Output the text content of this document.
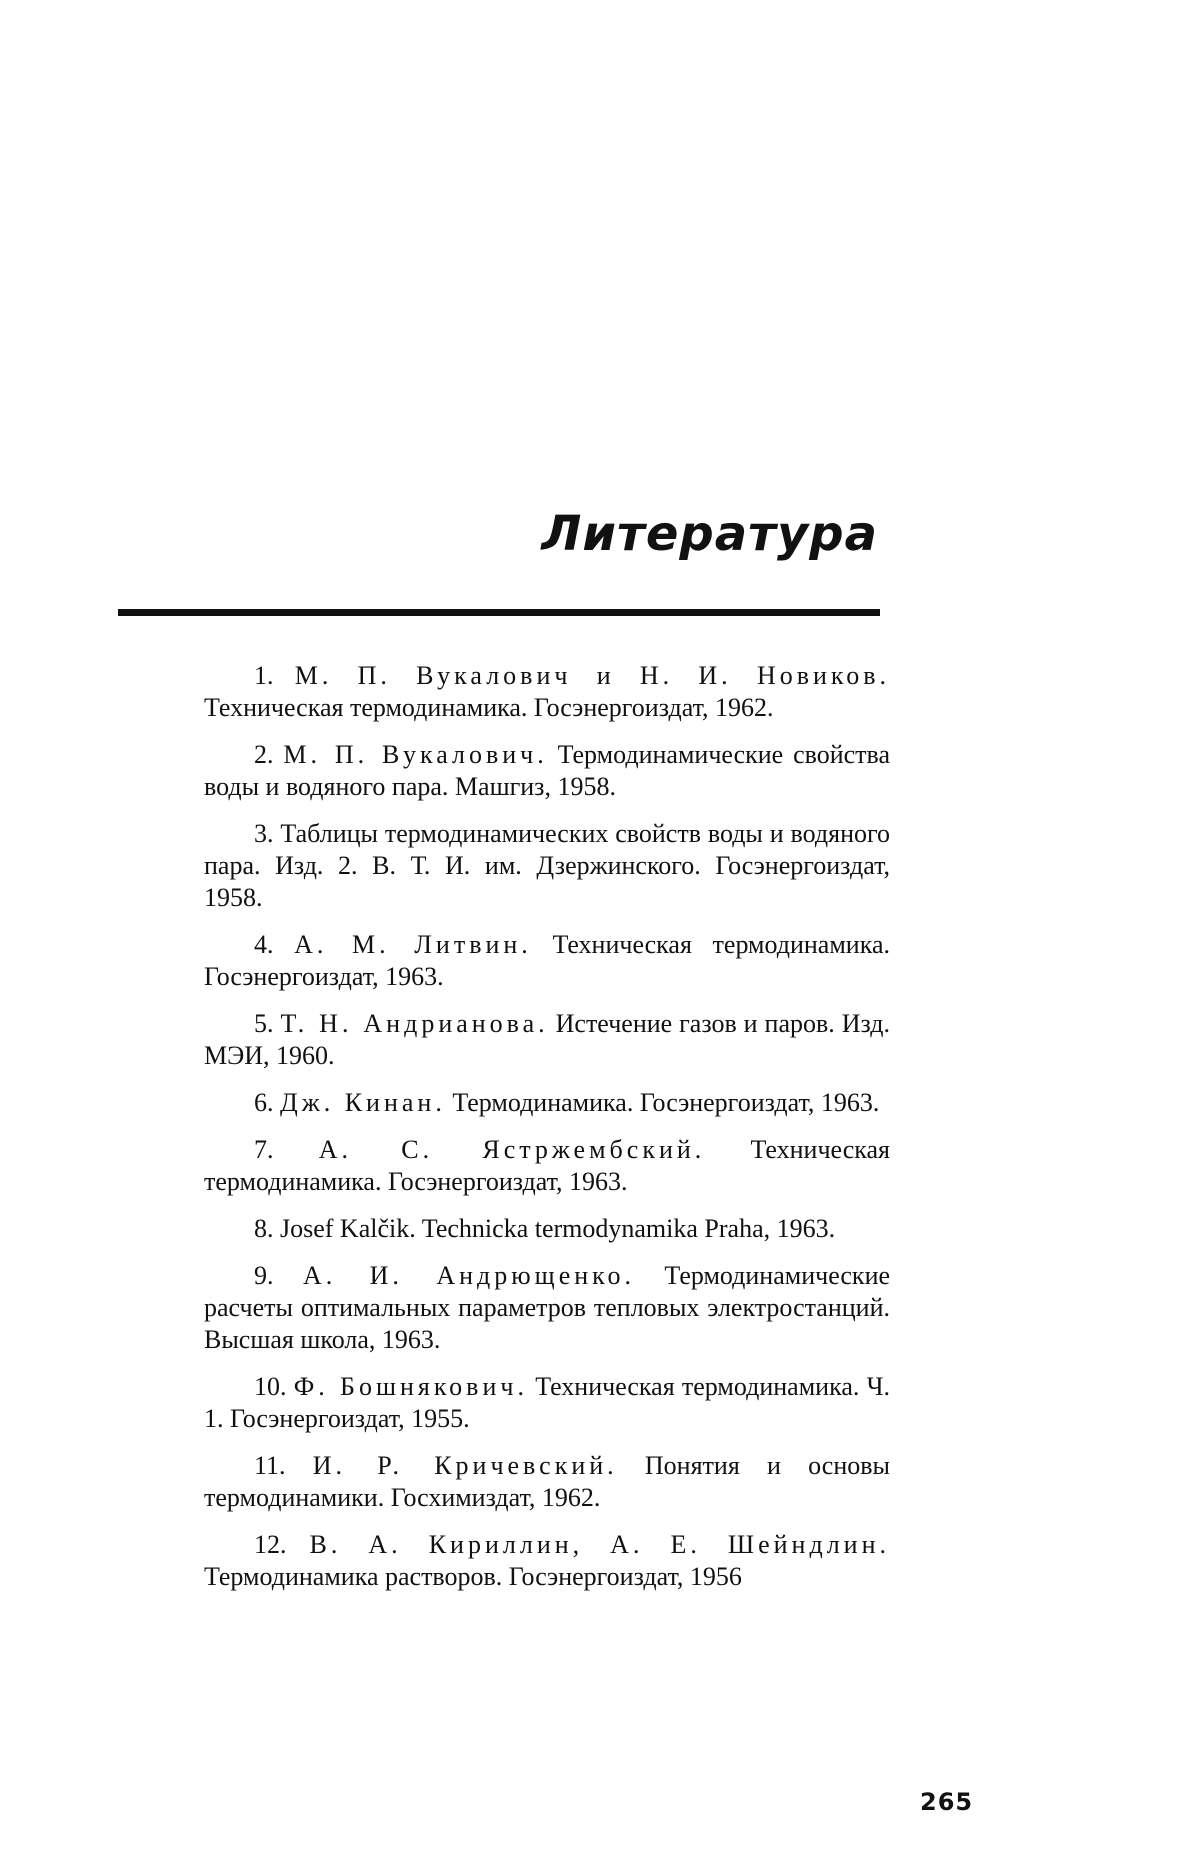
Литература

1. М. П. Вукалович и Н. И. Новиков. Техническая термодинамика. Госэнергоиздат, 1962.

2. М. П. Вукалович. Термодинамические свойства воды и водяного пара. Машгиз, 1958.

3. Таблицы термодинамических свойств воды и водяного пара. Изд. 2. В. Т. И. им. Дзержинского. Госэнергоиздат, 1958.

4. А. М. Литвин. Техническая термодинамика. Госэнергоиздат, 1963.

5. Т. Н. Андрианова. Истечение газов и паров. Изд. МЭИ, 1960.

6. Дж. Кинан. Термодинамика. Госэнергоиздат, 1963.

7. А. С. Ястржембский. Техническая термодинамика. Госэнергоиздат, 1963.

8. Josef Kalčik. Technicka termodynamika Praha, 1963.

9. А. И. Андрющенко. Термодинамические расчеты оптимальных параметров тепловых электростанций. Высшая школа, 1963.

10. Ф. Бошнякович. Техническая термодинамика. Ч. 1. Госэнергоиздат, 1955.

11. И. Р. Кричевский. Понятия и основы термодинамики. Госхимиздат, 1962.

12. В. А. Кириллин, А. Е. Шейндлин. Термодинамика растворов. Госэнергоиздат, 1956

265
